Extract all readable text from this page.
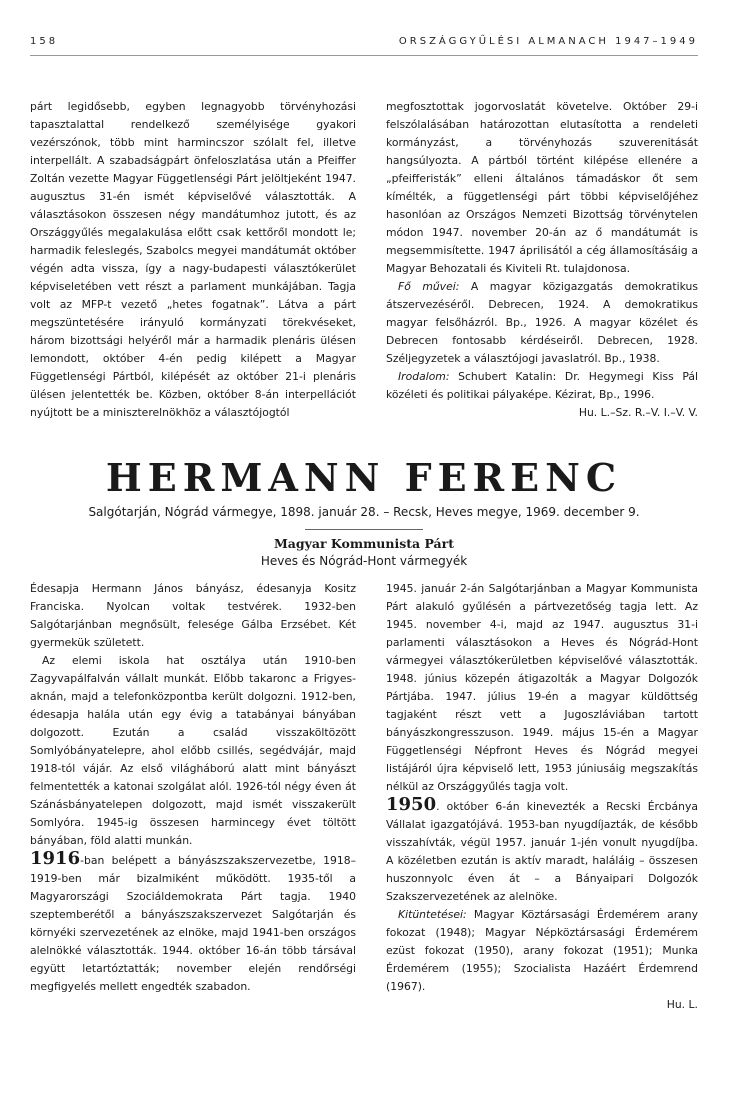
158	ORSZÁGGYŰLÉSI ALMANACH 1947–1949

párt legidősebb, egyben legnagyobb törvényhozási tapasztalattal rendelkező személyisége gyakori vezérszónok, több mint harmincszor szólalt fel, illetve interpellált. A szabadságpárt önfeloszlatása után a Pfeiffer Zoltán vezette Magyar Függetlenségi Párt jelöltjeként 1947. augusztus 31-én ismét képviselővé választották. A választásokon összesen négy mandátumhoz jutott, és az Országgyűlés megalakulása előtt csak kettőről mondott le; harmadik feleslegés, Szabolcs megyei mandátumát október végén adta vissza, így a nagy-budapesti választókerület képviseletében vett részt a parlament munkájában. Tagja volt az MFP-t vezető „hetes fogatnak”. Látva a párt megszüntetésére irányuló kormányzati törekvéseket, három bizottsági helyéről már a harmadik plenáris ülésen lemondott, október 4-én pedig kilépett a Magyar Függetlenségi Pártból, kilépését az október 21-i plenáris ülésen jelentették be. Közben, október 8-án interpellációt nyújtott be a miniszterelnökhöz a választójogtól

megfosztottak jogorvoslatát követelve. Október 29-i felszólalásában határozottan elutasította a rendeleti kormányzást, a törvényhozás szuverenitását hangsúlyozta. A pártból történt kilépése ellenére a „pfeifferisták” elleni általános támadáskor őt sem kímélték, a függetlenségi párt többi képviselőjéhez hasonlóan az Országos Nemzeti Bizottság törvénytelen módon 1947. november 20-án az ő mandátumát is megsemmisítette. 1947 áprilisától a cég államosításáig a Magyar Behozatali és Kiviteli Rt. tulajdonosa.

Fő művei: A magyar közigazgatás demokratikus átszervezéséről. Debrecen, 1924. A demokratikus magyar felsőházról. Bp., 1926. A magyar közélet és Debrecen fontosabb kérdéseiről. Debrecen, 1928. Széljegyzetek a választójogi javaslatról. Bp., 1938.

Irodalom: Schubert Katalin: Dr. Hegymegi Kiss Pál közéleti és politikai pályaképe. Kézirat, Bp., 1996.

Hu. L.–Sz. R.–V. I.–V. V.

HERMANN FERENC
Salgótarján, Nógrád vármegye, 1898. január 28. – Recsk, Heves megye, 1969. december 9.
Magyar Kommunista Párt
Heves és Nógrád-Hont vármegyék

Édesapja Hermann János bányász, édesanyja Kositz Franciska. Nyolcan voltak testvérek. 1932-ben Salgótarjánban megnősült, felesége Gálba Erzsébet. Két gyermekük született.

Az elemi iskola hat osztálya után 1910-ben Zagyvapálfalván vállalt munkát. Előbb takaronc a Frigyes-aknán, majd a telefonközpontba került dolgozni. 1912-ben, édesapja halála után egy évig a tatabányai bányában dolgozott. Ezután a család visszaköltözött Somlyóbányatelepre, ahol előbb csillés, segédvájár, majd 1918-tól vájár. Az első világháború alatt mint bányászt felmentették a katonai szolgálat alól. 1926-tól négy éven át Szánásbányatelepen dolgozott, majd ismét visszakerült Somlyóra. 1945-ig összesen harmincegy évet töltött bányában, föld alatti munkán.

1916-ban belépett a bányászszakszervezetbe, 1918–1919-ben már bizalmiként működött. 1935-től a Magyarországi Szociáldemokrata Párt tagja. 1940 szeptemberétől a bányászszakszervezet Salgótarján és környéki szervezetének az elnöke, majd 1941-ben országos alelnökké választották. 1944. október 16-án több társával együtt letartóztatták; november elején rendőrségi megfigyelés mellett engedték szabadon.

1945. január 2-án Salgótarjánban a Magyar Kommunista Párt alakuló gyűlésén a pártvezetőség tagja lett. Az 1945. november 4-i, majd az 1947. augusztus 31-i parlamenti választásokon a Heves és Nógrád-Hont vármegyei választókerületben képviselővé választották. 1948. június közepén átigazolták a Magyar Dolgozók Pártjába. 1947. július 19-én a magyar küldöttség tagjaként részt vett a Jugoszláviában tartott bányászkongresszuson. 1949. május 15-én a Magyar Függetlenségi Népfront Heves és Nógrád megyei listájáról újra képviselő lett, 1953 júniusáig megszakítás nélkül az Országgyűlés tagja volt.

1950. október 6-án kinevezték a Recski Ércbánya Vállalat igazgatójává. 1953-ban nyugdíjazták, de később visszahívták, végül 1957. január 1-jén vonult nyugdíjba. A közéletben ezután is aktív maradt, haláláig – összesen huszonnyolc éven át – a Bányaipari Dolgozók Szakszervezetének az alelnöke.

Kitüntetései: Magyar Köztársasági Érdemérem arany fokozat (1948); Magyar Népköztársasági Érdemérem ezüst fokozat (1950), arany fokozat (1951); Munka Érdemérem (1955); Szocialista Hazáért Érdemrend (1967).

Hu. L.
